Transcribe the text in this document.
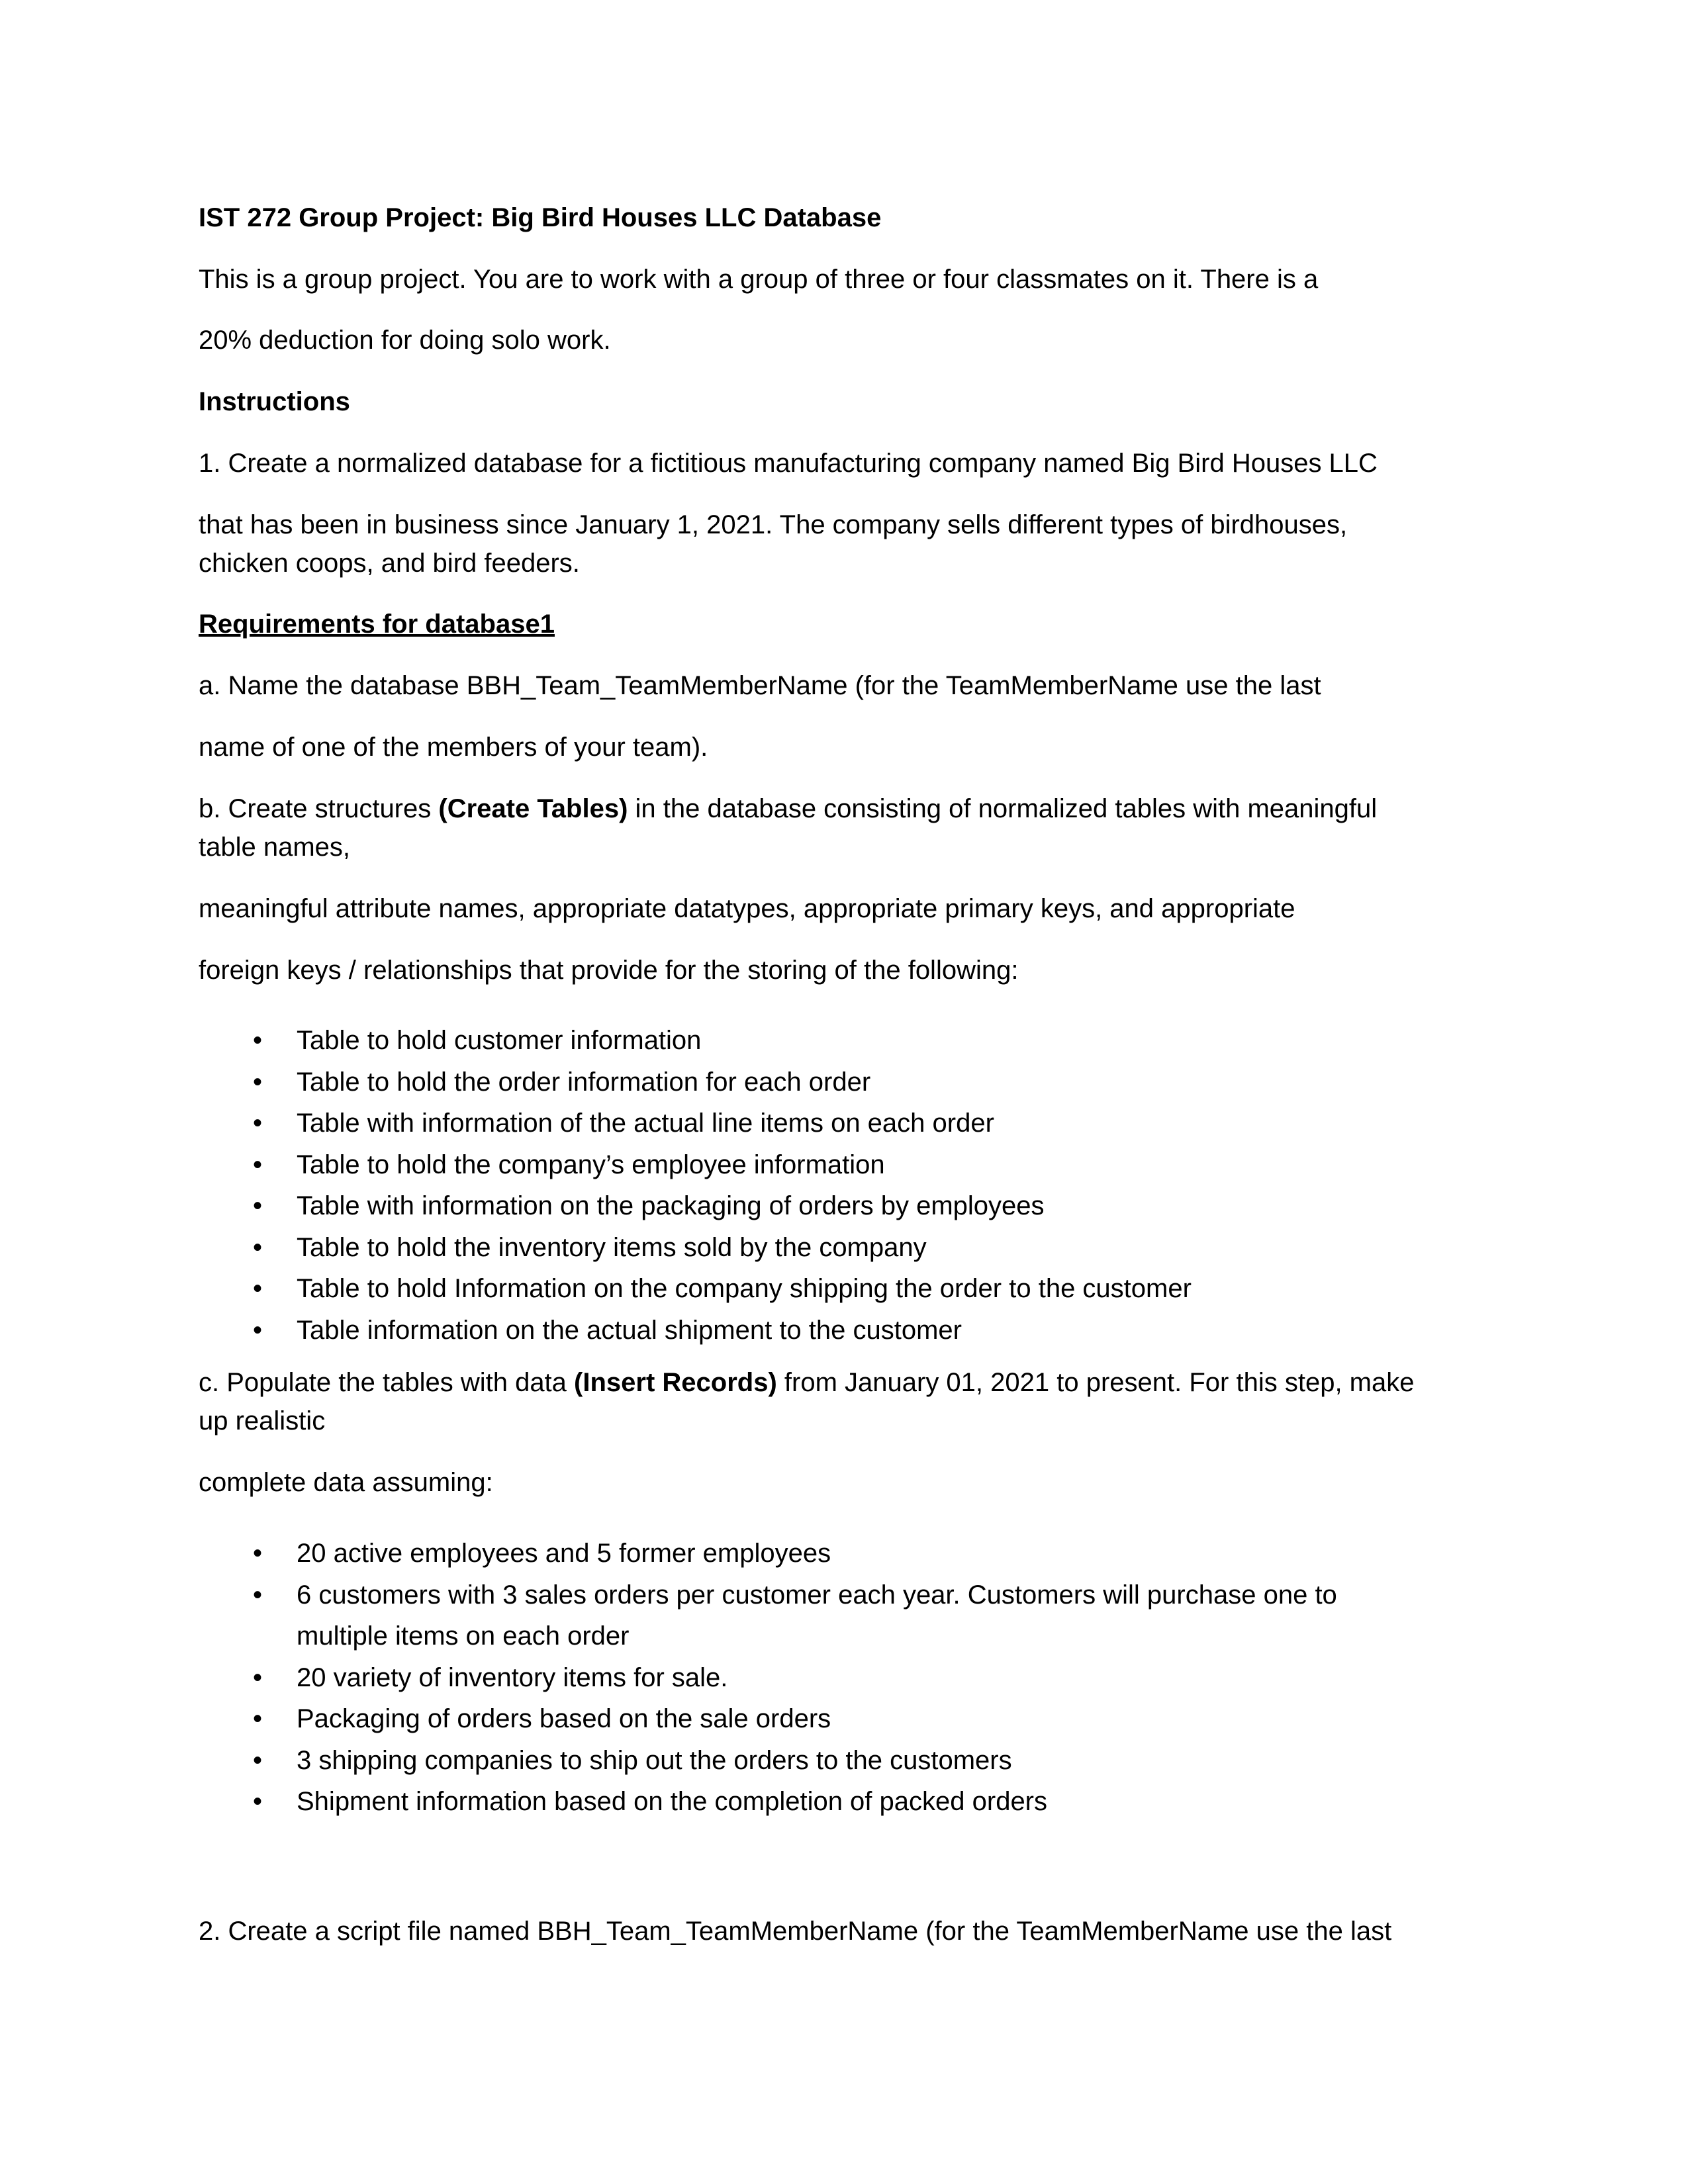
IST 272 Group Project: Big Bird Houses LLC Database

This is a group project. You are to work with a group of three or four classmates on it. There is a

20% deduction for doing solo work.

Instructions

1. Create a normalized database for a fictitious manufacturing company named Big Bird Houses LLC

that has been in business since January 1, 2021. The company sells different types of birdhouses,

chicken coops, and bird feeders.

Requirements for database1

a. Name the database BBH_Team_TeamMemberName (for the TeamMemberName use the last

name of one of the members of your team).

b. Create structures (Create Tables) in the database consisting of normalized tables with meaningful

table names,

meaningful attribute names, appropriate datatypes, appropriate primary keys, and appropriate

foreign keys / relationships that provide for the storing of the following:

• Table to hold customer information
• Table to hold the order information for each order
• Table with information of the actual line items on each order
• Table to hold the company’s employee information
• Table with information on the packaging of orders by employees
• Table to hold the inventory items sold by the company
• Table to hold Information on the company shipping the order to the customer
• Table information on the actual shipment to the customer

c. Populate the tables with data (Insert Records) from January 01, 2021 to present. For this step, make

up realistic

complete data assuming:

• 20 active employees and 5 former employees
• 6 customers with 3 sales orders per customer each year. Customers will purchase one to
multiple items on each order
• 20 variety of inventory items for sale.
• Packaging of orders based on the sale orders
• 3 shipping companies to ship out the orders to the customers
• Shipment information based on the completion of packed orders

2. Create a script file named BBH_Team_TeamMemberName (for the TeamMemberName use the last
